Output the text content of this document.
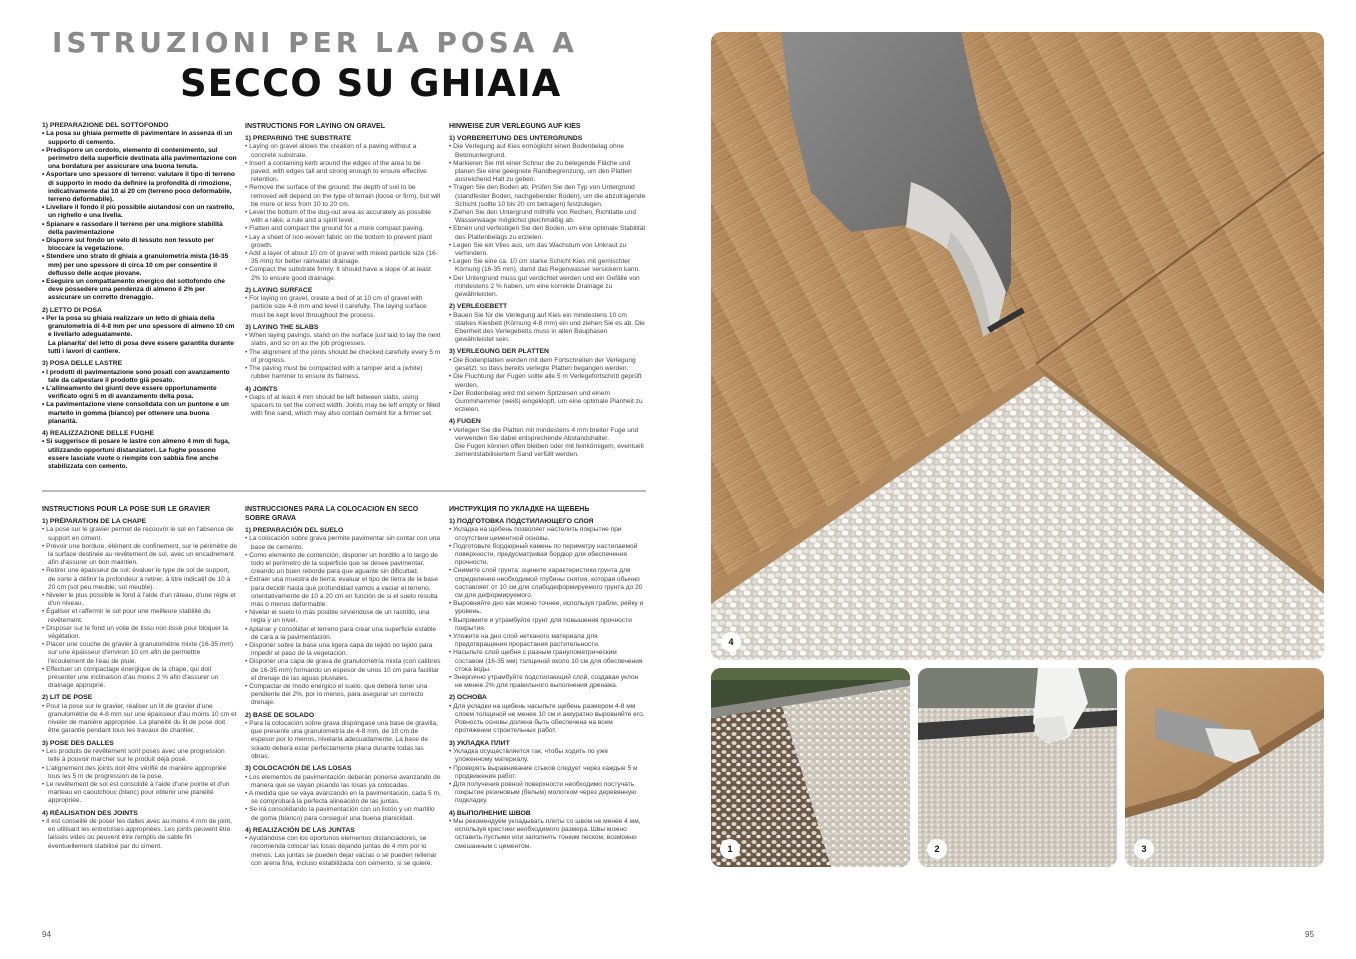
ISTRUZIONI PER LA POSA A
SECCO SU GHIAIA
1) PREPARAZIONE DEL SOTTOFONDO

• La posa su ghiaia permette di pavimentare in assenza di un supporto di cemento.

• Predisporre un cordolo, elemento di contenimento, sul perimetro della superficie destinata alla pavimentazione con una bordatura per assicurare una buona tenuta.

• Asportare uno spessore di terreno: valutare il tipo di terreno di supporto in modo da definire la profondità di rimozione, indicativamente dai 10 ai 20 cm (terreno poco deformabile, terreno deformabile).

• Livellare il fondo il più possibile aiutandosi con un rastrello, un righello e una livella.

• Spianare e rassodare il terreno per una migliore stabilità della pavimentazione

• Disporre sul fondo un velo di tessuto non tessuto per bloccare la vegetazione.

• Stendere uno strato di ghiaia a granulometria mista (16-35 mm) per uno spessore di circa 10 cm per consentire il deflusso delle acque piovane.

• Eseguire un compattamento energico del sottofondo che deve possedere una pendenza di almeno il 2% per assicurare un corretto drenaggio.

2) LETTO DI POSA

• Per la posa su ghiaia realizzare un letto di ghiaia della granulometria di 4-8 mm per uno spessore di almeno 10 cm e livellarlo adeguatamente.

La planarita' del letto di posa deve essere garantita durante tutti i lavori di cantiere.

3) POSA DELLE LASTRE

• I prodotti di pavimentazione sono posati con avanzamento tale da calpestare il prodotto già posato.

• L'allineamento dei giunti deve essere opportunamente verificato ogni 5 m di avanzamento della posa.

• La pavimentazione viene consolidata con un puntone e un martello in gomma (bianco) per ottenere una buona planarità.

4) REALIZZAZIONE DELLE FUGHE

• Si suggerisce di posare le lastre con almeno 4 mm di fuga, utilizzando opportuni distanziatori. Le fughe possono essere lasciate vuote o riempite con sabbia fine anche stabilizzata con cemento.

INSTRUCTIONS FOR LAYING ON GRAVEL
1) PREPARING THE SUBSTRATE

• Laying on gravel allows the creation of a paving without a concrete substrate.

• Insert a containing kerb around the edges of the area to be paved, with edges tall and strong enough to ensure effective retention.

• Remove the surface of the ground: the depth of soil to be removed will depend on the type of terrain (loose or firm), but will be more or less from 10 to 20 cm.

• Level the bottom of the dug-out area as accurately as possible with a rake, a rule and a spirit level.

• Flatten and compact the ground for a more compact paving.

• Lay a sheet of non-woven fabric on the bottom to prevent plant growth.

• Add a layer of about 10 cm of gravel with mixed particle size (16-35 mm) for better rainwater drainage.

• Compact the substrate firmly. It should have a slope of at least 2% to ensure good drainage.

2) LAYING SURFACE

• For laying on gravel, create a bed of at 10 cm of gravel with particle size 4-8 mm and level it carefully. The laying surface must be kept level throughout the process.

3) LAYING THE SLABS

• When laying pavings, stand on the surface just laid to lay the next slabs, and so on as the job progresses.

• The alignment of the joints should be checked carefully every 5 m of progress.

• The paving must be compacted with a tamper and a (white) rubber hammer to ensure its flatness.

4) JOINTS

• Gaps of at least 4 mm should be left between slabs, using spacers to set the correct width. Joints may be left empty or filled with fine sand, which may also contain cement for a firmer set.

HINWEISE ZUR VERLEGUNG AUF KIES
1) VORBEREITUNG DES UNTERGRUNDS

• Die Verlegung auf Kies ermöglicht einen Bodenbelag ohne Betonuntergrund.

• Markieren Sie mit einer Schnur die zu belegende Fläche und planen Sie eine geeignete Randbegrenzung, um den Platten ausreichend Halt zu geben.

• Tragen Sie den Boden ab: Prüfen Sie den Typ von Untergrund (standfester Boden, nachgebender Boden), um die abzutragende Schicht (sollte 10 bis 20 cm betragen) festzulegen.

• Ziehen Sie den Untergrund mithilfe von Rechen, Richtlatte und Wasserwaage möglichst gleichmäßig ab.

• Ebnen und verfestigen Sie den Boden, um eine optimale Stabilität des Plattenbelags zu erzielen.

• Legen Sie ein Vlies aus, um das Wachstum von Unkraut zu verhindern.

• Legen Sie eine ca. 10 cm starke Schicht Kies mit gemischter Körnung (16-35 mm), damit das Regenwasser versickern kann.

• Der Untergrund muss gut verdichtet werden und ein Gefälle von mindestens 2 % haben, um eine korrekte Drainage zu gewährleisten.

2) VERLEGEBETT

• Bauen Sie für die Verlegung auf Kies ein mindestens 10 cm starkes Kiesbett (Körnung 4-8 mm) ein und ziehen Sie es ab. Die Ebenheit des Verlegebetts muss in allen Bauphasen gewährleistet sein.

3) VERLEGUNG DER PLATTEN

• Die Bodenplatten werden mit dem Fortschreiten der Verlegung gesetzt, so dass bereits verlegte Platten begangen werden.

• Die Fluchtung der Fugen sollte alle 5 m Verlegefortschritt geprüft werden.

• Der Bodenbelag wird mit einem Spitzeisen und einem Gummihammer (weiß) eingeklopft, um eine optimale Planheit zu erzielen.

4) FUGEN

• Verlegen Sie die Platten mit mindestens 4 mm breiter Fuge und verwenden Sie dabei entsprechende Abstandshalter.

Die Fugen können offen bleiben oder mit feinkörnigem, eventuell zementstabilisiertem Sand verfüllt werden.

INSTRUCTIONS POUR LA POSE SUR LE GRAVIER
1) PRÉPARATION DE LA CHAPE

• La pose sur le gravier permet de recouvrir le sol en l'absence de support en ciment.

• Prévoir une bordure, élément de confinement, sur le périmètre de la surface destinée au revêtement de sol, avec un encadrement afin d'assurer un bon maintien.

• Retirer une épaisseur de sol: évaluer le type de sol de support, de sorte à définir la profondeur à retirer, à titre indicatif de 10 à 20 cm (sol peu meuble, sol meuble).

• Niveler le plus possible le fond à l'aide d'un râteau, d'une règle et d'un niveau.

• Égaliser et raffermir le sol pour une meilleure stabilité du revêtement.

• Disposer sur le fond un voile de tissu non tissé pour bloquer la végétation.

• Placer une couche de gravier à granulométrie mixte (16-35 mm) sur une épaisseur d'environ 10 cm afin de permettre l'écoulement de l'eau de pluie.

• Effectuer un compactage énergique de la chape, qui doit présenter une inclinaison d'au moins 2 % afin d'assurer un drainage approprié.

2) LIT DE POSE

• Pour la pose sur le gravier, réaliser un lit de gravier d'une granulométrie de 4-8 mm sur une épaisseur d'au moins 10 cm et niveler de manière appropriée. La planéité du lit de pose doit être garantie pendant tous les travaux de chantier.

3) POSE DES DALLES

• Les produits de revêtement sont posés avec une progression telle à pouvoir marcher sur le produit déjà posé.

• L'alignement des joints doit être vérifié de manière appropriée tous les 5 m de progression de la pose.

• Le revêtement de sol est consolidé à l'aide d'une pointe et d'un marteau en caoutchouc (blanc) pour obtenir une planéité appropriée.

4) RÉALISATION DES JOINTS

• Il est conseillé de poser les dalles avec au moins 4 mm de joint, en utilisant les entretoises appropriées. Les joints peuvent être laissés vides ou peuvent être remplis de sable fin éventuellement stabilisé par du ciment.

INSTRUCCIONES PARA LA COLOCACIÓN EN SECO SOBRE GRAVA
1) PREPARACIÓN DEL SUELO

• La colocación sobre grava permite pavimentar sin contar con una base de cemento.

• Como elemento de contención, disponer un bordillo a lo largo de todo el perímetro de la superficie que se desee pavimentar, creando un buen reborde para que aguante sin dificultad.

• Extraer una muestra de tierra: evaluar el tipo de tierra de la base para decidir hasta qué profundidad vamos a vaciar el terreno, orientativamente de 10 a 20 cm en función de si el suelo resulta más o menos deformable.

• Nivelar el suelo lo más posible sirviéndose de un rastrillo, una regla y un nivel.

• Aplanar y consolidar el terreno para crear una superficie estable de cara a la pavimentación.

• Disponer sobre la base una ligera capa de tejido no tejido para impedir el paso de la vegetación.

• Disponer una capa de grava de granulometría mixta (con calibres de 16-35 mm) formando un espesor de unos 10 cm para facilitar el drenaje de las aguas pluviales.

• Compactar de modo enérgico el suelo, que deberá tener una pendiente del 2%, por lo menos, para asegurar un correcto drenaje.

2) BASE DE SOLADO

• Para la colocación sobre grava dispóngase una base de gravilla, que presente una granulometría de 4-8 mm, de 10 cm de espesor por lo menos, nivelarla adecuadamente. La base de solado deberá estar perfectamente plana durante todas las obras.

3) COLOCACIÓN DE LAS LOSAS

• Los elementos de pavimentación deberán ponerse avanzando de manera que se vayan pisando las losas ya colocadas.

• A medida que se vaya avanzando en la pavimentación, cada 5 m, se comprobará la perfecta alineación de las juntas.

• Se irá consolidando la pavimentación con un listón y un martillo de goma (blanco) para conseguir una buena planicidad.

4) REALIZACIÓN DE LAS JUNTAS

• Ayudándose con los oportunos elementos distanciadores, se recomienda colocar las losas dejando juntas de 4 mm por lo menos. Las juntas se pueden dejar vacías o se pueden rellenar con arena fina, incluso estabilizada con cemento, si se quiere.

ИНСТРУКЦИЯ ПО УКЛАДКЕ НА ЩЕБЕНЬ
1) ПОДГОТОВКА ПОДСТИЛАЮЩЕГО СЛОЯ

• Укладка на щебень позволяет настелить покрытие при отсутствии цементной основы.

• Подготовьте бордюрный камень по периметру настилаемой поверхности, предусматривая бордюр для обеспечения прочности.

• Снимите слой грунта: оцените характеристики грунта для определения необходимой глубины снятия, которая обычно составляет от 10 см для слабодеформируемого грунта до 20 см для деформируемого.

• Выровняйте дно как можно точнее, используя грабли, рейку и уровень.

• Выпрямите и утрамбуйте грунт для повышения прочности покрытия.

• Уложите на дно слой нетканого материала для предотвращения прорастания растительности.

• Насыпьте слой щебня с разным гранулометрическим составом (16-35 мм) толщиной около 10 см для обеспечения стока воды.

• Энергично утрамбуйте подстилающий слой, создавая уклон не менее 2% для правильного выполнения дренажа.

2) ОСНОВА

• Для укладки на щебень насыпьте щебень размером 4-8 мм слоем толщиной не менее 10 см и аккуратно выровняйте его. Ровность основы должна быть обеспечена на всем протяжении строительных работ.

3) УКЛАДКА ПЛИТ

• Укладка осуществляется так, чтобы ходить по уже уложенному материалу.

• Проверять выравнивание стыков следует через каждые 5 м продвижения работ.

• Для получения ровной поверхности необходимо постучать покрытие резиновым (белым) молотком через деревянную подкладку.

4) ВЫПОЛНЕНИЕ ШВОВ

• Мы рекомендуем укладывать плиты со швом не менее 4 мм, используя крестики необходимого размера. Швы можно оставить пустыми или заполнить тонким песком, возможно смешанным с цементом.

94	95
4
1	2	3
